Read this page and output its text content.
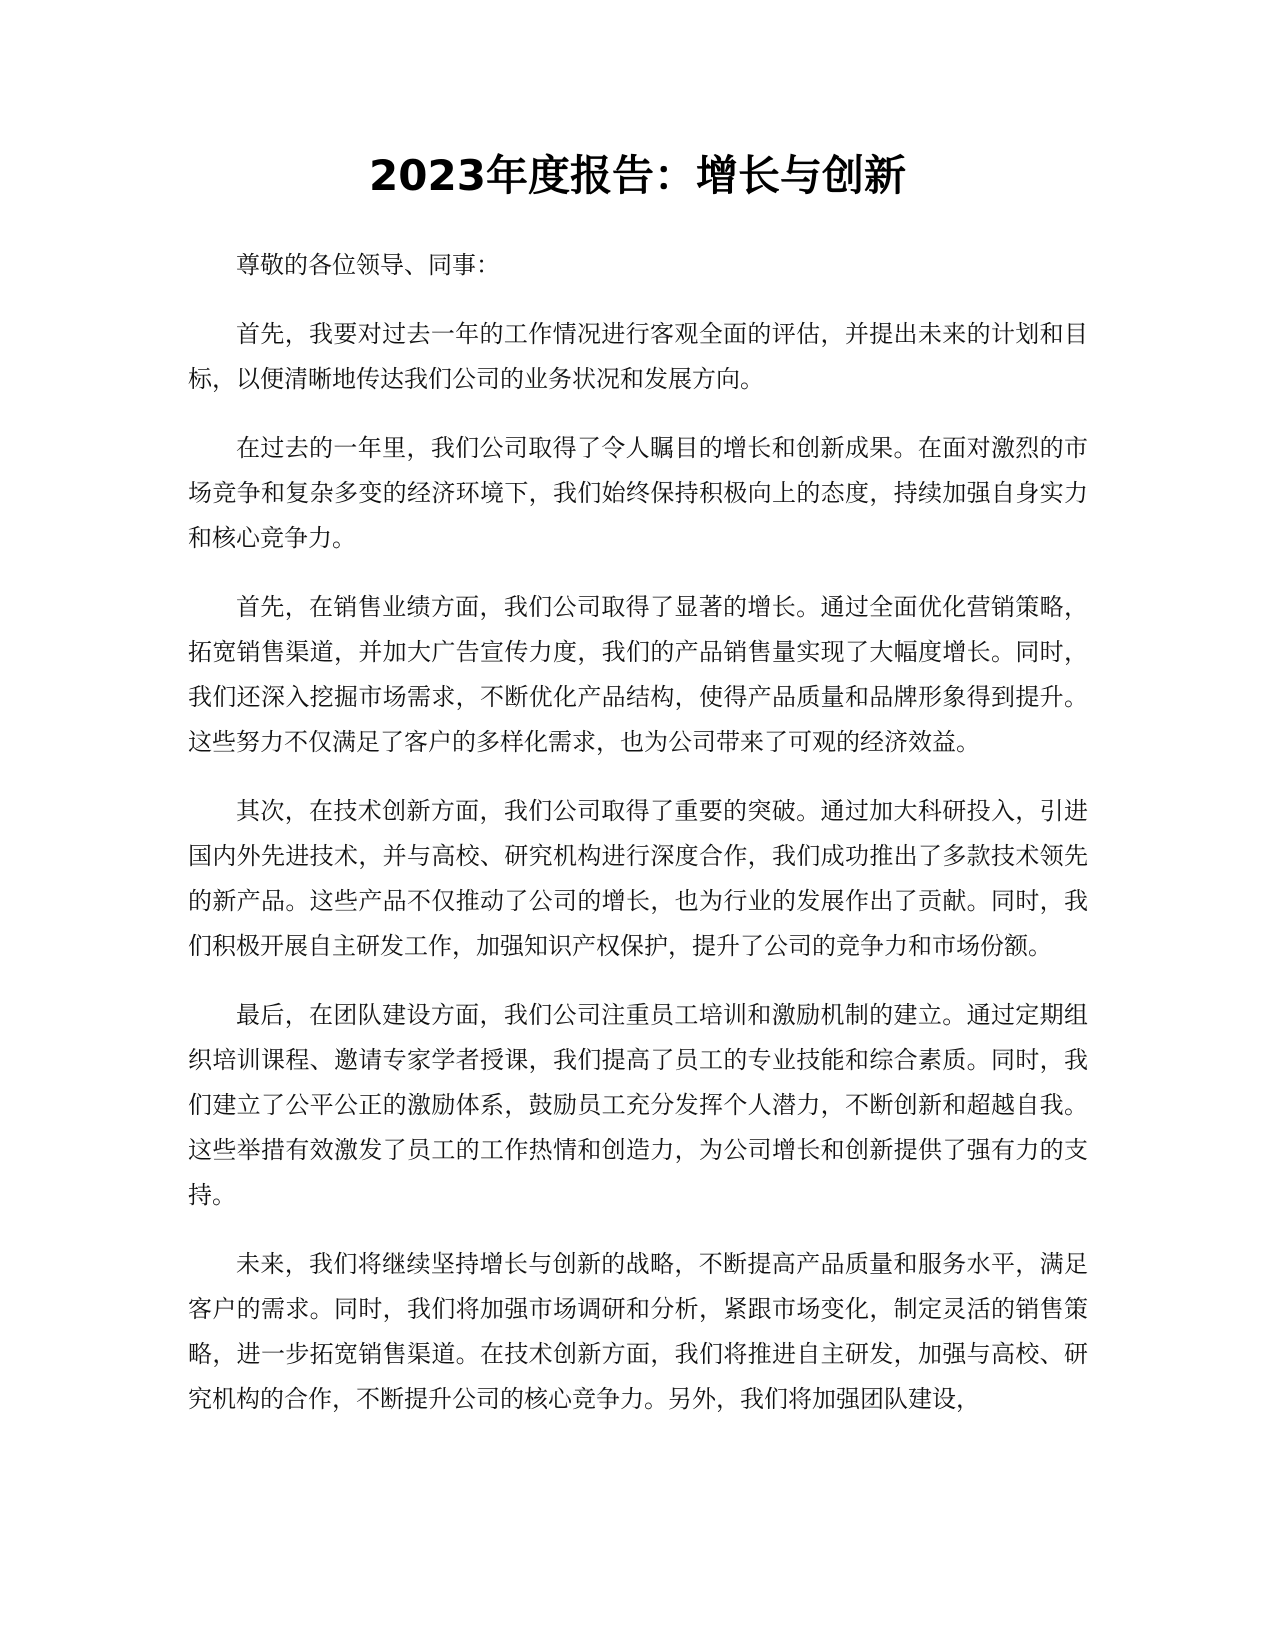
2023年度报告：增长与创新

尊敬的各位领导、同事：

首先，我要对过去一年的工作情况进行客观全面的评估，并提出未来的计划和目标，以便清晰地传达我们公司的业务状况和发展方向。

在过去的一年里，我们公司取得了令人瞩目的增长和创新成果。在面对激烈的市场竞争和复杂多变的经济环境下，我们始终保持积极向上的态度，持续加强自身实力和核心竞争力。

首先，在销售业绩方面，我们公司取得了显著的增长。通过全面优化营销策略，拓宽销售渠道，并加大广告宣传力度，我们的产品销售量实现了大幅度增长。同时，我们还深入挖掘市场需求，不断优化产品结构，使得产品质量和品牌形象得到提升。这些努力不仅满足了客户的多样化需求，也为公司带来了可观的经济效益。

其次，在技术创新方面，我们公司取得了重要的突破。通过加大科研投入，引进国内外先进技术，并与高校、研究机构进行深度合作，我们成功推出了多款技术领先的新产品。这些产品不仅推动了公司的增长，也为行业的发展作出了贡献。同时，我们积极开展自主研发工作，加强知识产权保护，提升了公司的竞争力和市场份额。

最后，在团队建设方面，我们公司注重员工培训和激励机制的建立。通过定期组织培训课程、邀请专家学者授课，我们提高了员工的专业技能和综合素质。同时，我们建立了公平公正的激励体系，鼓励员工充分发挥个人潜力，不断创新和超越自我。这些举措有效激发了员工的工作热情和创造力，为公司增长和创新提供了强有力的支持。

未来，我们将继续坚持增长与创新的战略，不断提高产品质量和服务水平，满足客户的需求。同时，我们将加强市场调研和分析，紧跟市场变化，制定灵活的销售策略，进一步拓宽销售渠道。在技术创新方面，我们将推进自主研发，加强与高校、研究机构的合作，不断提升公司的核心竞争力。另外，我们将加强团队建设，
